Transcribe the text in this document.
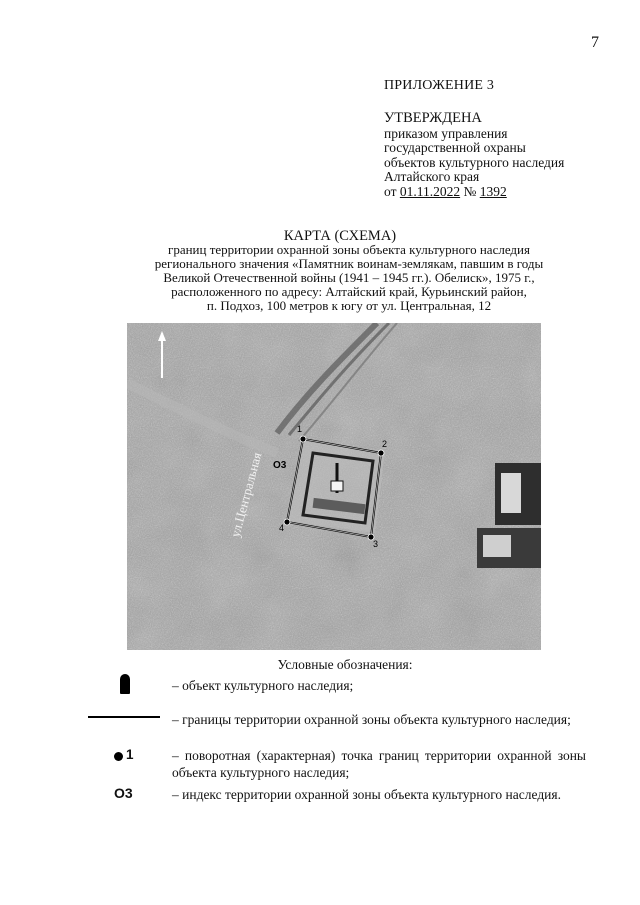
7
ПРИЛОЖЕНИЕ 3
УТВЕРЖДЕНА
приказом управления
государственной охраны
объектов культурного наследия
Алтайского края
от 01.11.2022 № 1392
КАРТА (СХЕМА)
границ территории охранной зоны объекта культурного наследия
регионального значения «Памятник воинам-землякам, павшим в годы
Великой Отечественной войны (1941 – 1945 гг.). Обелиск», 1975 г.,
расположенного по адресу: Алтайский край, Курьинский район,
п. Подхоз, 100 метров к югу от ул. Центральная, 12
ул.Центральная
1
2
3
4
О3
Условные обозначения:
– объект культурного наследия;
– границы территории охранной зоны объекта культурного наследия;
1	– поворотная (характерная) точка границ территории охранной зоны объекта культурного наследия;
О3	– индекс территории охранной зоны объекта культурного наследия.
